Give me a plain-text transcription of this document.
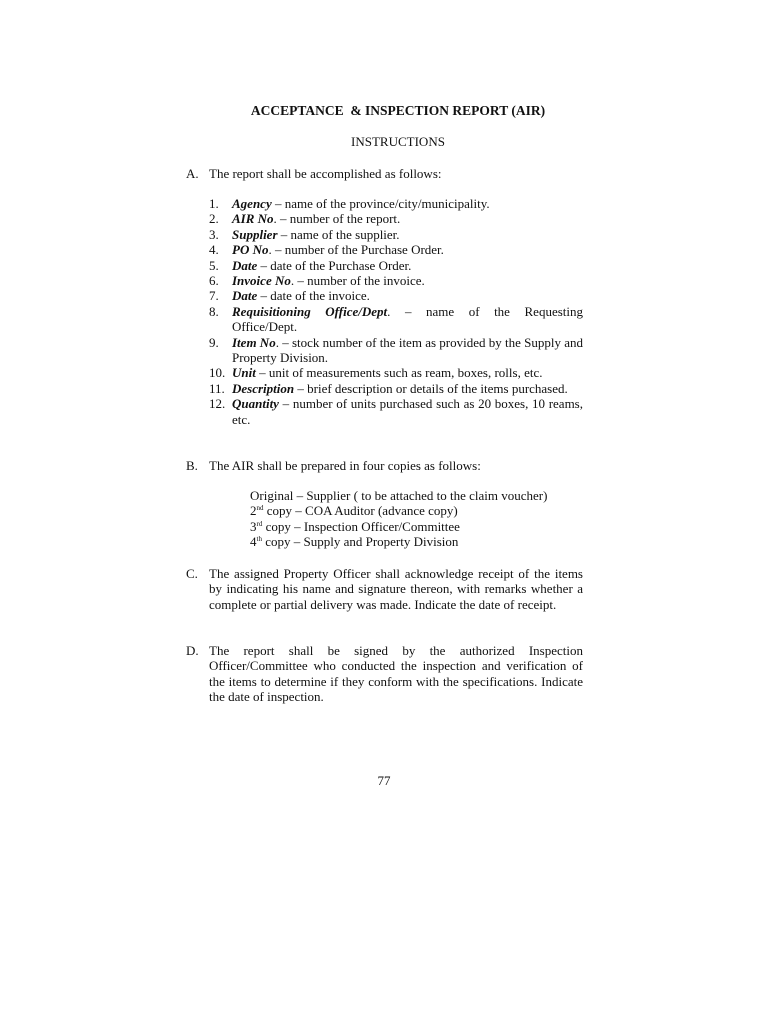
ACCEPTANCE  & INSPECTION REPORT (AIR)
INSTRUCTIONS
A. The report shall be accomplished as follows:
1. Agency – name of the province/city/municipality.
2. AIR No. – number of the report.
3. Supplier – name of the supplier.
4. PO No. – number of the Purchase Order.
5. Date – date of the Purchase Order.
6. Invoice No. – number of the invoice.
7. Date – date of the invoice.
8. Requisitioning Office/Dept. – name of the Requesting Office/Dept.
9. Item No. – stock number of the item as provided by the Supply and Property Division.
10. Unit – unit of measurements such as ream, boxes, rolls, etc.
11. Description – brief description or details of the items purchased.
12. Quantity – number of units purchased such as 20 boxes, 10 reams, etc.
B. The AIR shall be prepared in four copies as follows:
Original – Supplier ( to be attached to the claim voucher)
2nd copy – COA Auditor (advance copy)
3rd copy – Inspection Officer/Committee
4th copy – Supply and Property Division
C. The assigned Property Officer shall acknowledge receipt of the items by indicating his name and signature thereon, with remarks whether a complete or partial delivery was made. Indicate the date of receipt.
D. The report shall be signed by the authorized Inspection Officer/Committee who conducted the inspection and verification of the items to determine if they conform with the specifications. Indicate the date of inspection.
77
